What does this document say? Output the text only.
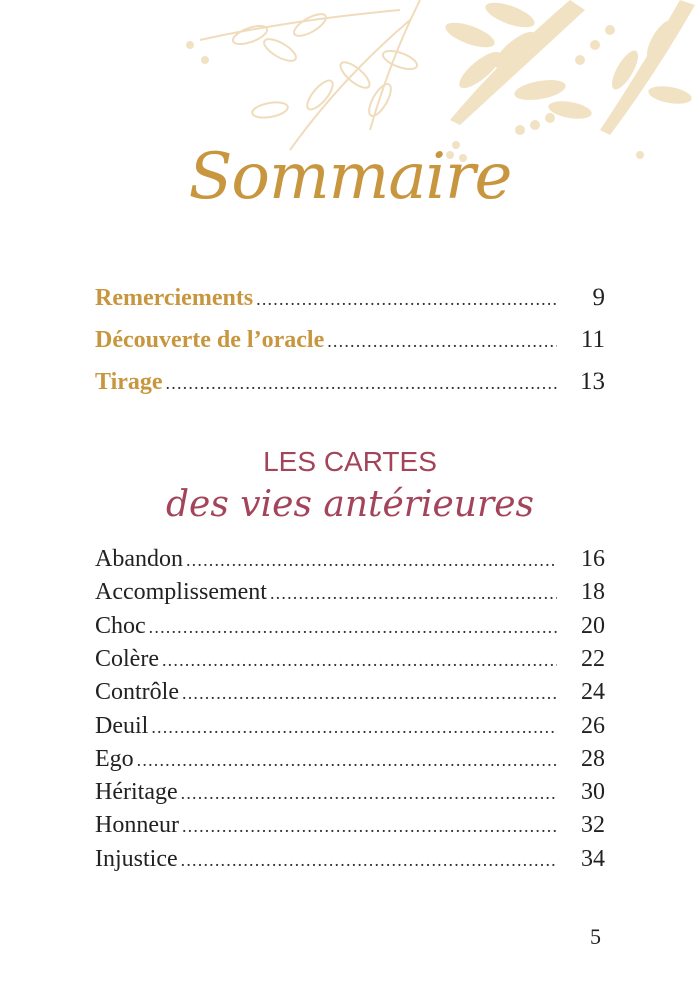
Sommaire
Remerciements .....	9
Découverte de l’oracle .....	11
Tirage .....	13
LES CARTES
des vies antérieures
Abandon .....	16
Accomplissement .....	18
Choc .....	20
Colère .....	22
Contrôle .....	24
Deuil .....	26
Ego .....	28
Héritage .....	30
Honneur .....	32
Injustice .....	34
5
